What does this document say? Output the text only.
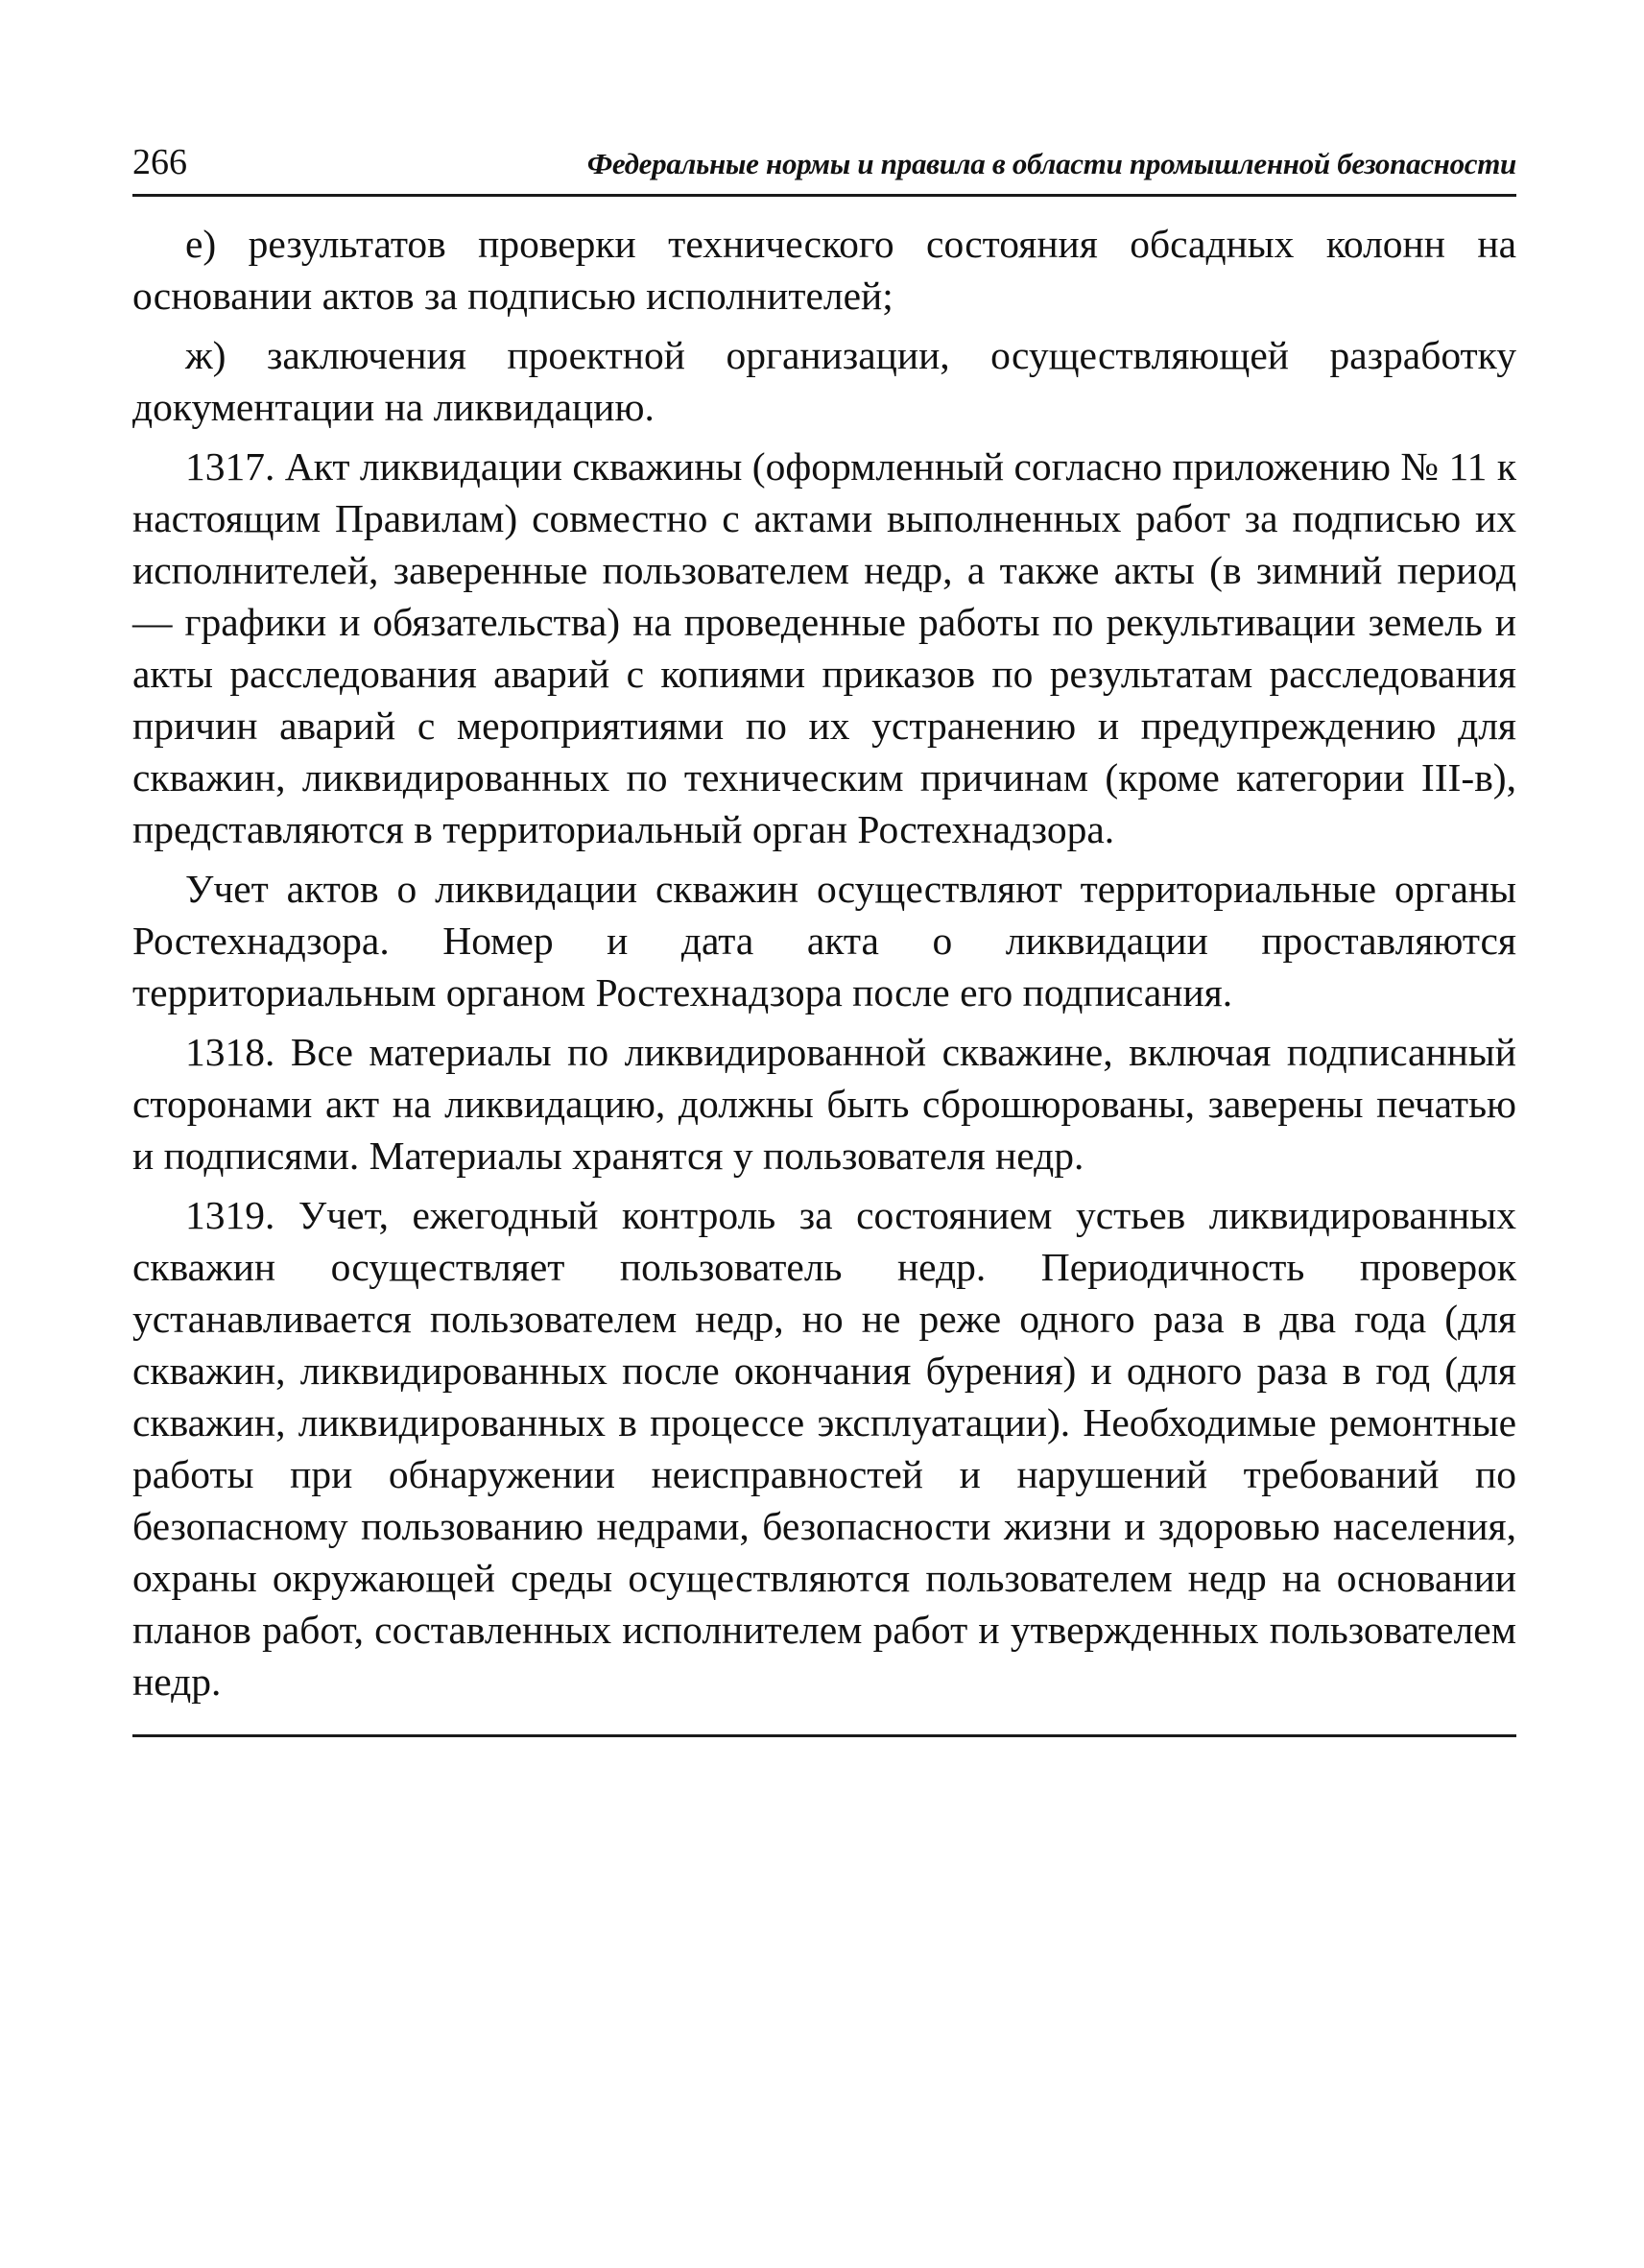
266	Федеральные нормы и правила в области промышленной безопасности

е) результатов проверки технического состояния обсадных колонн на основании актов за подписью исполнителей;

ж) заключения проектной организации, осуществляющей разработку документации на ликвидацию.

1317. Акт ликвидации скважины (оформленный согласно приложению № 11 к настоящим Правилам) совместно с актами выполненных работ за подписью их исполнителей, заверенные пользователем недр, а также акты (в зимний период — графики и обязательства) на проведенные работы по рекультивации земель и акты расследования аварий с копиями приказов по результатам расследования причин аварий с мероприятиями по их устранению и предупреждению для скважин, ликвидированных по техническим причинам (кроме категории III-в), представляются в территориальный орган Ростехнадзора.

Учет актов о ликвидации скважин осуществляют территориальные органы Ростехнадзора. Номер и дата акта о ликвидации проставляются территориальным органом Ростехнадзора после его подписания.

1318. Все материалы по ликвидированной скважине, включая подписанный сторонами акт на ликвидацию, должны быть сброшюрованы, заверены печатью и подписями. Материалы хранятся у пользователя недр.

1319. Учет, ежегодный контроль за состоянием устьев ликвидированных скважин осуществляет пользователь недр. Периодичность проверок устанавливается пользователем недр, но не реже одного раза в два года (для скважин, ликвидированных после окончания бурения) и одного раза в год (для скважин, ликвидированных в процессе эксплуатации). Необходимые ремонтные работы при обнаружении неисправностей и нарушений требований по безопасному пользованию недрами, безопасности жизни и здоровью населения, охраны окружающей среды осуществляются пользователем недр на основании планов работ, составленных исполнителем работ и утвержденных пользователем недр.
